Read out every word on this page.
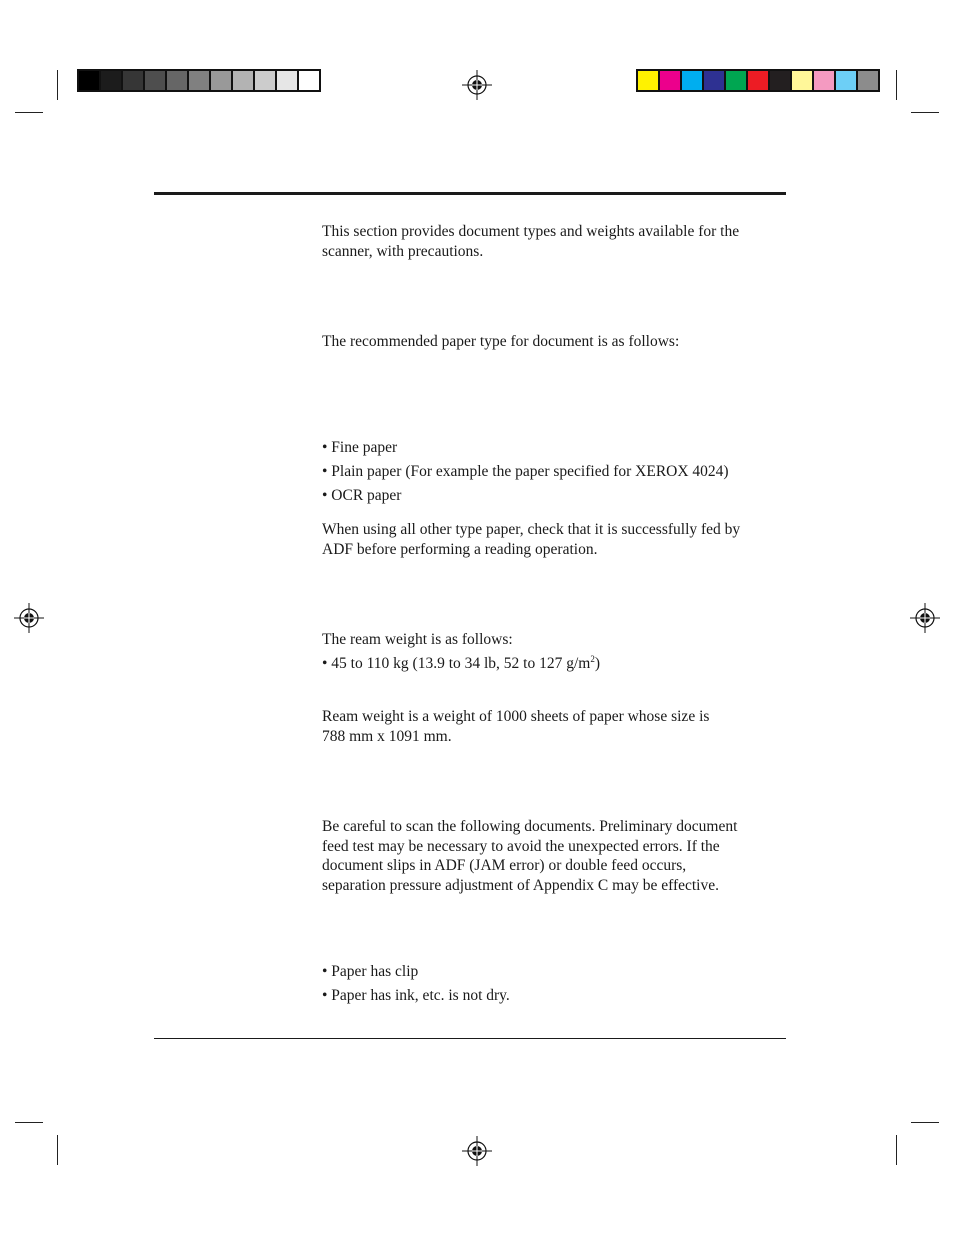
This section provides document types and weights available for the
scanner, with precautions.
The recommended paper type for document is as follows:
• Fine paper
• Plain paper (For example the paper specified for XEROX 4024)
• OCR paper
When using all other type paper, check that it is successfully fed by
ADF before performing a reading operation.
The ream weight is as follows:
• 45 to 110 kg (13.9 to 34 lb, 52 to 127 $g/m^2$)
Ream weight is a weight of 1000 sheets of paper whose size is
788 mm x 1091 mm.
Be careful to scan the following documents. Preliminary document
feed test may be necessary to avoid the unexpected errors. If the
document slips in ADF (JAM error) or double feed occurs,
separation pressure adjustment of Appendix C may be effective.
• Paper has clip
• Paper has ink, etc. is not dry.
